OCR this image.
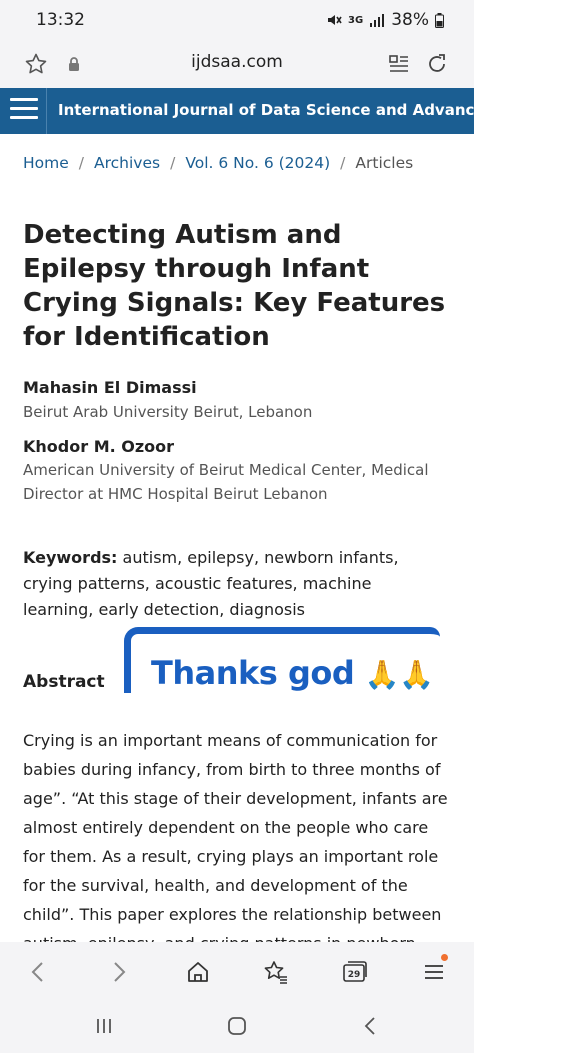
13:32	3G 38%
ijdsaa.com
International Journal of Data Science and Advanced Analytics
Home / Archives / Vol. 6 No. 6 (2024) / Articles
Detecting Autism and Epilepsy through Infant Crying Signals: Key Features for Identification
Mahasin El Dimassi
Beirut Arab University Beirut, Lebanon
Khodor M. Ozoor
American University of Beirut Medical Center, Medical Director at HMC Hospital Beirut Lebanon
Keywords: autism, epilepsy, newborn infants, crying patterns, acoustic features, machine learning, early detection, diagnosis
Abstract Thanks god 🙏🙏
Crying is an important means of communication for babies during infancy, from birth to three months of age”. “At this stage of their development, infants are almost entirely dependent on the people who care for them. As a result, crying plays an important role for the survival, health, and development of the child”. This paper explores the relationship between
29
